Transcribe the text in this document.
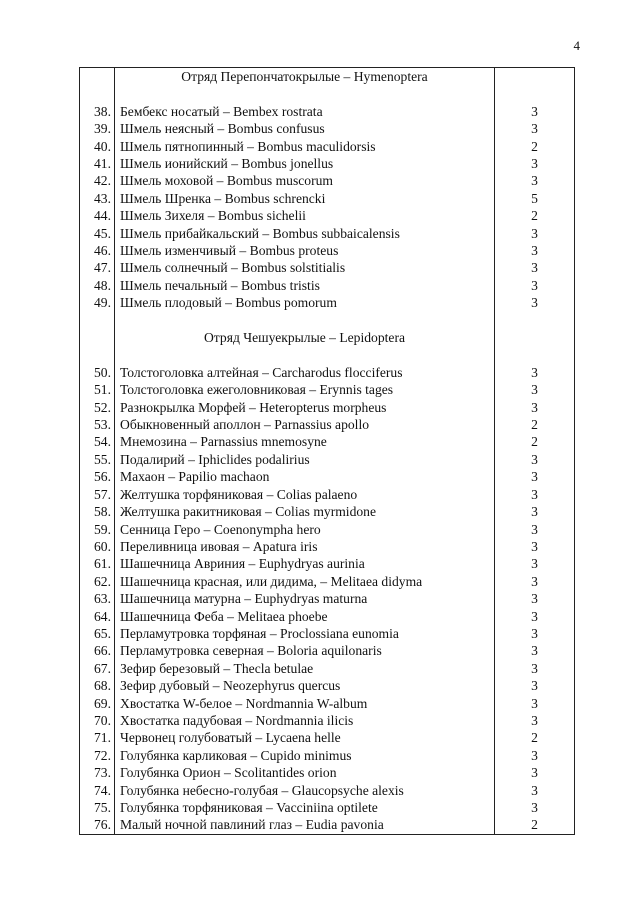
4
	Отряд Перепончатокрылые – Hymenoptera	

38.	Бембекс носатый – Bembex rostrata	3
39.	Шмель неясный – Bombus confusus	3
40.	Шмель пятнопинный – Bombus maculidorsis	2
41.	Шмель ионийский – Bombus jonellus	3
42.	Шмель моховой – Bombus muscorum	3
43.	Шмель Шренка – Bombus schrencki	5
44.	Шмель Зихеля – Bombus sichelii	2
45.	Шмель прибайкальский – Bombus subbaicalensis	3
46.	Шмель изменчивый – Bombus proteus	3
47.	Шмель солнечный – Bombus solstitialis	3
48.	Шмель печальный – Bombus tristis	3
49.	Шмель плодовый – Bombus pomorum	3

	Отряд Чешуекрылые – Lepidoptera	

50.	Толстоголовка алтейная – Carcharodus flocciferus	3
51.	Толстоголовка ежеголовниковая – Erynnis tages	3
52.	Разнокрылка Морфей – Heteropterus morpheus	3
53.	Обыкновенный аполлон – Parnassius apollo	2
54.	Мнемозина – Parnassius mnemosyne	2
55.	Подалирий – Iphiclides podalirius	3
56.	Махаон – Papilio machaon	3
57.	Желтушка торфяниковая – Colias palaeno	3
58.	Желтушка ракитниковая – Colias myrmidone	3
59.	Сенница Геро – Coenonympha hero	3
60.	Переливница ивовая – Apatura iris	3
61.	Шашечница Авриния – Euphydryas aurinia	3
62.	Шашечница красная, или дидима, – Melitaea didyma	3
63.	Шашечница матурна – Euphydryas maturna	3
64.	Шашечница Феба – Melitaea phoebe	3
65.	Перламутровка торфяная – Proclossiana eunomia	3
66.	Перламутровка северная – Boloria aquilonaris	3
67.	Зефир березовый – Thecla betulae	3
68.	Зефир дубовый – Neozephyrus quercus	3
69.	Хвостатка W-белое – Nordmannia W-album	3
70.	Хвостатка падубовая – Nordmannia ilicis	3
71.	Червонец голубоватый – Lycaena helle	2
72.	Голубянка карликовая – Cupido minimus	3
73.	Голубянка Орион – Scolitantides orion	3
74.	Голубянка небесно-голубая – Glaucopsyche alexis	3
75.	Голубянка торфяниковая – Vacciniina optilete	3
76.	Малый ночной павлиний глаз – Eudia pavonia	2
